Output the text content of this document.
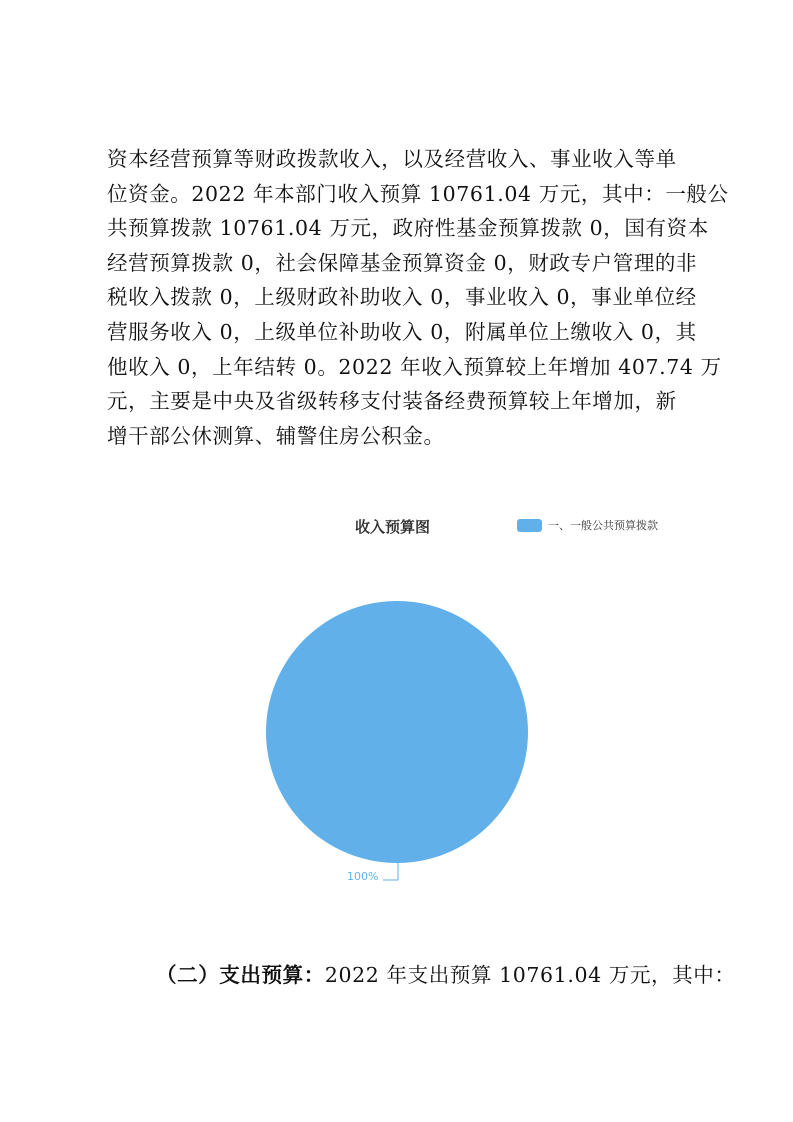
资本经营预算等财政拨款收入，以及经营收入、事业收入等单
位资金。2022 年本部门收入预算 10761.04 万元，其中：一般公
共预算拨款 10761.04 万元，政府性基金预算拨款 0，国有资本
经营预算拨款 0，社会保障基金预算资金 0，财政专户管理的非
税收入拨款 0，上级财政补助收入 0，事业收入 0，事业单位经
营服务收入 0，上级单位补助收入 0，附属单位上缴收入 0，其
他收入 0，上年结转 0。2022 年收入预算较上年增加 407.74 万
元，主要是中央及省级转移支付装备经费预算较上年增加，新
增干部公休测算、辅警住房公积金。
收入预算图	一、一般公共预算拨款
100%
（二）支出预算：2022 年支出预算 10761.04 万元，其中：
